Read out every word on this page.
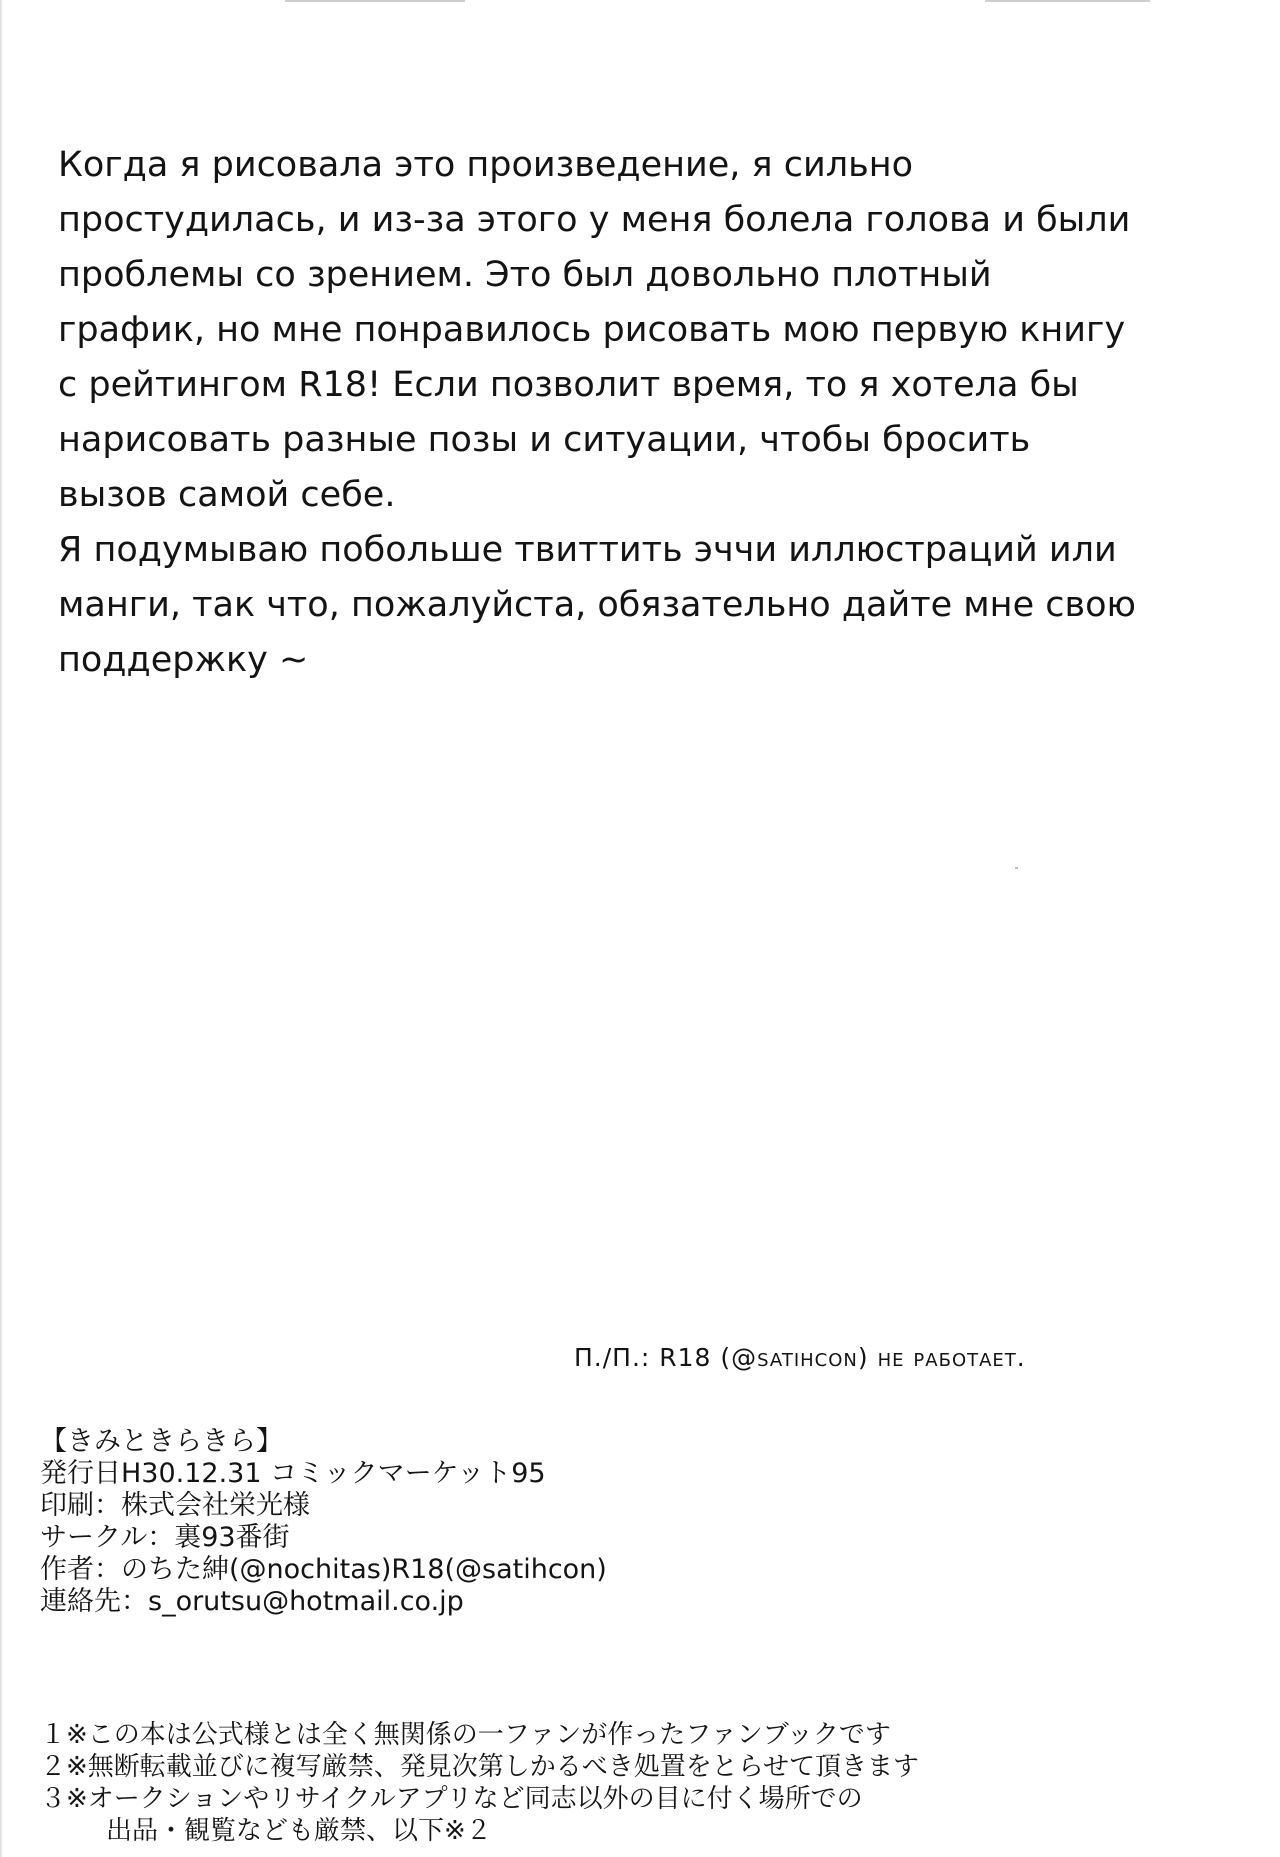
Когда я рисовала это произведение, я сильно
простудилась, и из-за этого у меня болела голова и были
проблемы со зрением. Это был довольно плотный
график, но мне понравилось рисовать мою первую книгу
с рейтингом R18! Если позволит время, то я хотела бы
нарисовать разные позы и ситуации, чтобы бросить
вызов самой себе.
Я подумываю побольше твиттить эччи иллюстраций или
манги, так что, пожалуйста, обязательно дайте мне свою
поддержку ~
П./П.: R18 (@satihcon) не работает.
【きみときらきら】
発行日H30.12.31 コミックマーケット95
印刷：株式会社栄光様
サークル：裏93番街
作者：のちた紳(@nochitas)R18(@satihcon)
連絡先：s_orutsu@hotmail.co.jp
１※この本は公式様とは全く無関係の一ファンが作ったファンブックです
２※無断転載並びに複写厳禁、発見次第しかるべき処置をとらせて頂きます
３※オークションやリサイクルアプリなど同志以外の目に付く場所での
出品・観覧なども厳禁、以下※２
